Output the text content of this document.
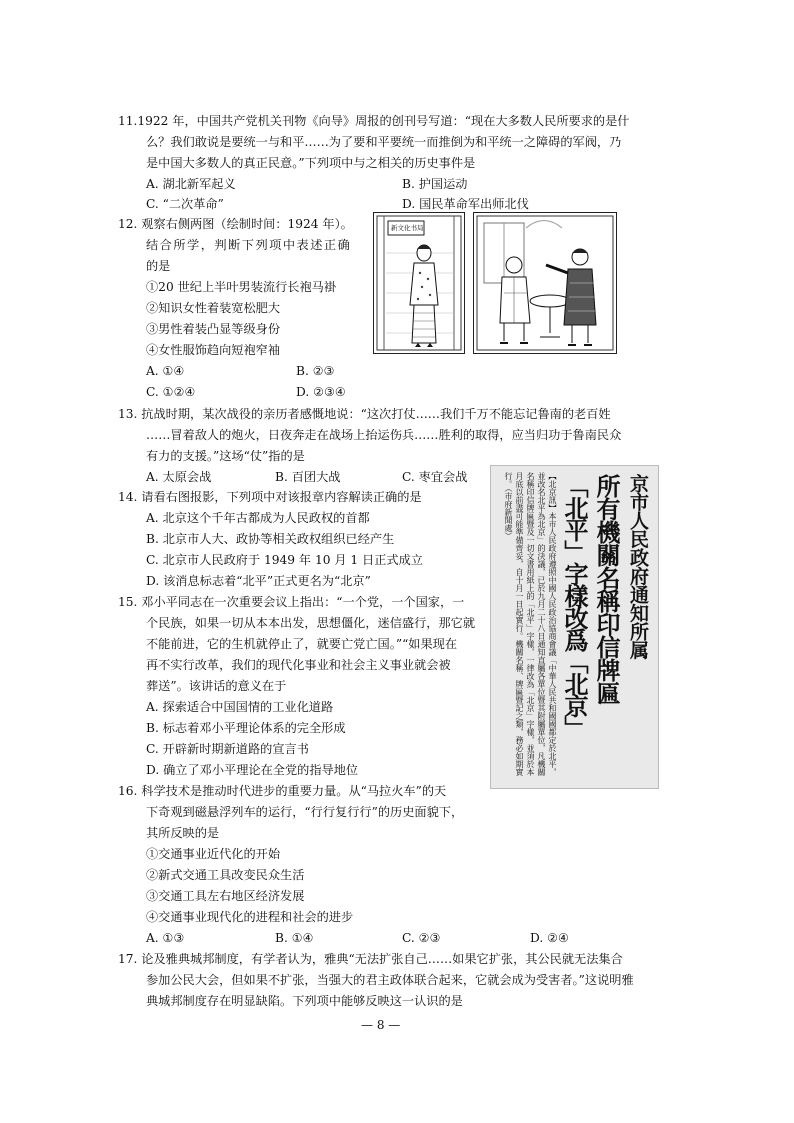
11.1922 年，中国共产党机关刊物《向导》周报的创刊号写道：“现在大多数人民所要求的是什
么？我们敢说是要统一与和平……为了要和平要统一而推倒为和平统一之障碍的军阀，乃
是中国大多数人的真正民意。”下列项中与之相关的历史事件是
A. 湖北新军起义	B. 护国运动
C. “二次革命”	D. 国民革命军出师北伐
12. 观察右侧两图（绘制时间：1924 年）。
结合所学，判断下列项中表述正确
的是
①20 世纪上半叶男装流行长袍马褂
②知识女性着装宽松肥大
③男性着装凸显等级身份
④女性服饰趋向短袍窄袖
A. ①④	B. ②③
C. ①②④	D. ②③④
新文化书局
13. 抗战时期，某次战役的亲历者感慨地说：“这次打仗……我们千万不能忘记鲁南的老百姓
……冒着敌人的炮火，日夜奔走在战场上抬运伤兵……胜利的取得，应当归功于鲁南民众
有力的支援。”这场“仗”指的是
A. 太原会战	B. 百团大战	C. 枣宜会战
14. 请看右图报影，下列项中对该报章内容解读正确的是
A. 北京这个千年古都成为人民政权的首都
B. 北京市人大、政协等相关政权组织已经产生
C. 北京市人民政府于 1949 年 10 月 1 日正式成立
D. 该消息标志着“北平”正式更名为“北京”	京市人民政府通知所属
所有機關名稱印信牌匾
「北平」字樣改爲「北京」
【北京訊】本市人民政府遵照中國人民政治協商會議「中華人民共和國國都定於北平，並改名北平為北京」的決議，已於九月二十八日通知直屬各單位暨其附屬單位，凡機關名稱印信牌匾暨及一切文書用紙上的「北平」字樣，一律改為「北京」字樣，並須於本月底以前盡可能準備齊妥，自十月一日起實行。機關名稱、牌匾暨記之類，務必如期實行。（市府新聞處）
15. 邓小平同志在一次重要会议上指出：“一个党，一个国家，一
个民族，如果一切从本本出发，思想僵化，迷信盛行，那它就
不能前进，它的生机就停止了，就要亡党亡国。”“如果现在
再不实行改革，我们的现代化事业和社会主义事业就会被
葬送”。该讲话的意义在于
A. 探索适合中国国情的工业化道路
B. 标志着邓小平理论体系的完全形成
C. 开辟新时期新道路的宣言书
D. 确立了邓小平理论在全党的指导地位
16. 科学技术是推动时代进步的重要力量。从“马拉火车”的天
下奇观到磁悬浮列车的运行，“行行复行行”的历史面貌下，
其所反映的是
①交通事业近代化的开始
②新式交通工具改变民众生活
③交通工具左右地区经济发展
④交通事业现代化的进程和社会的进步
A. ①③	B. ①④	C. ②③	D. ②④
17. 论及雅典城邦制度，有学者认为，雅典“无法扩张自己……如果它扩张，其公民就无法集合
参加公民大会，但如果不扩张，当强大的君主政体联合起来，它就会成为受害者。”这说明雅
典城邦制度存在明显缺陷。下列项中能够反映这一认识的是
— 8 —
